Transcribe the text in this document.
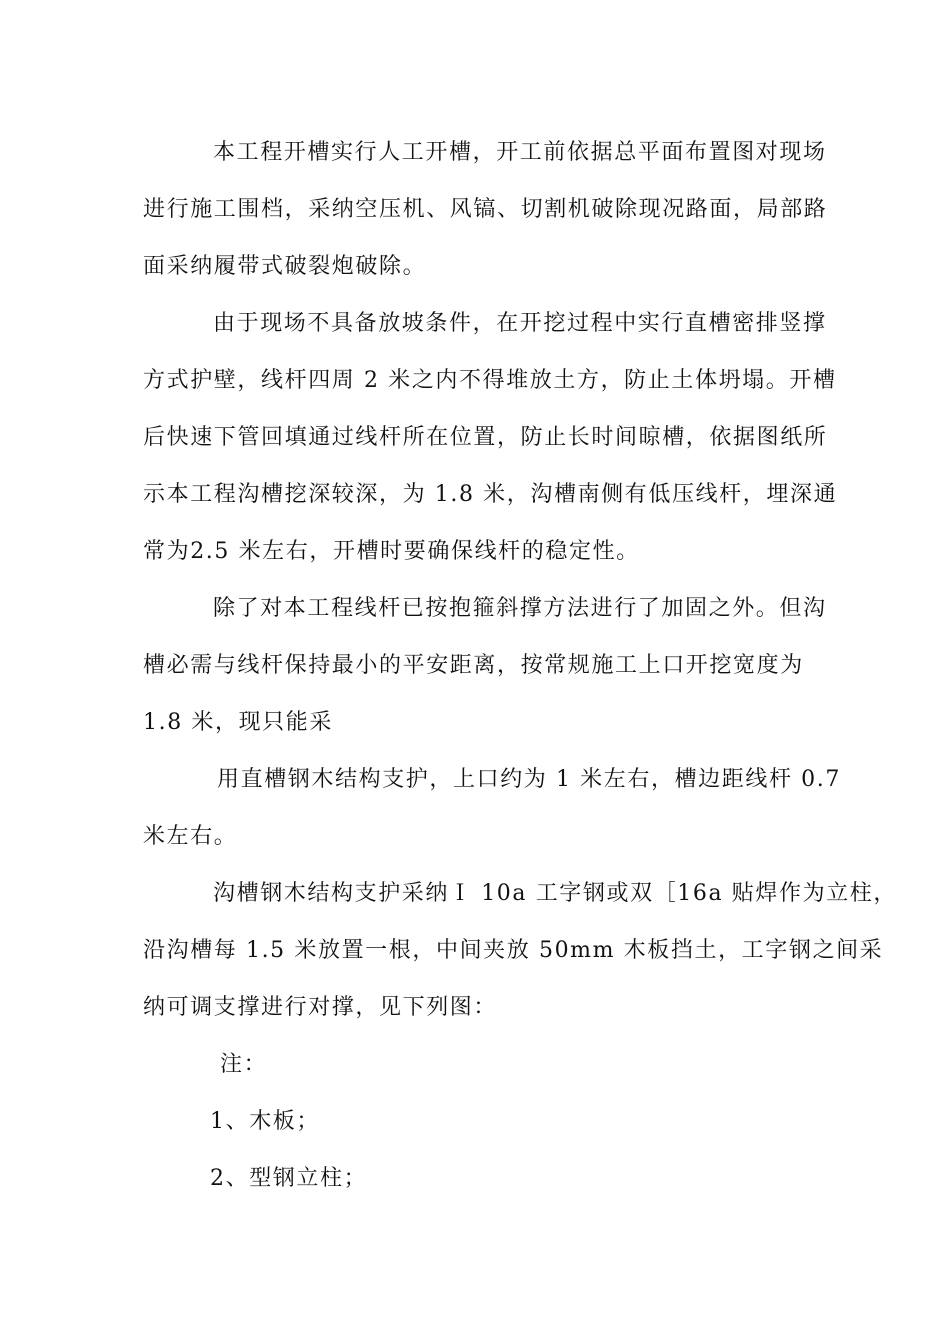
本工程开槽实行人工开槽，开工前依据总平面布置图对现场
进行施工围档，采纳空压机、风镐、切割机破除现况路面，局部路
面采纳履带式破裂炮破除。
由于现场不具备放坡条件，在开挖过程中实行直槽密排竖撑
方式护壁，线杆四周 2 米之内不得堆放土方，防止土体坍塌。开槽
后快速下管回填通过线杆所在位置，防止长时间晾槽，依据图纸所
示本工程沟槽挖深较深，为 1.8 米，沟槽南侧有低压线杆，埋深通
常为2.5 米左右，开槽时要确保线杆的稳定性。
除了对本工程线杆已按抱箍斜撑方法进行了加固之外。但沟
槽必需与线杆保持最小的平安距离，按常规施工上口开挖宽度为
1.8 米，现只能采
用直槽钢木结构支护，上口约为 1 米左右，槽边距线杆 0.7
米左右。
沟槽钢木结构支护采纳Ｉ 10a 工字钢或双［16a 贴焊作为立柱，
沿沟槽每 1.5 米放置一根，中间夹放 50mm 木板挡土，工字钢之间采
纳可调支撑进行对撑，见下列图：
注：
1、木板；
2、型钢立柱；
